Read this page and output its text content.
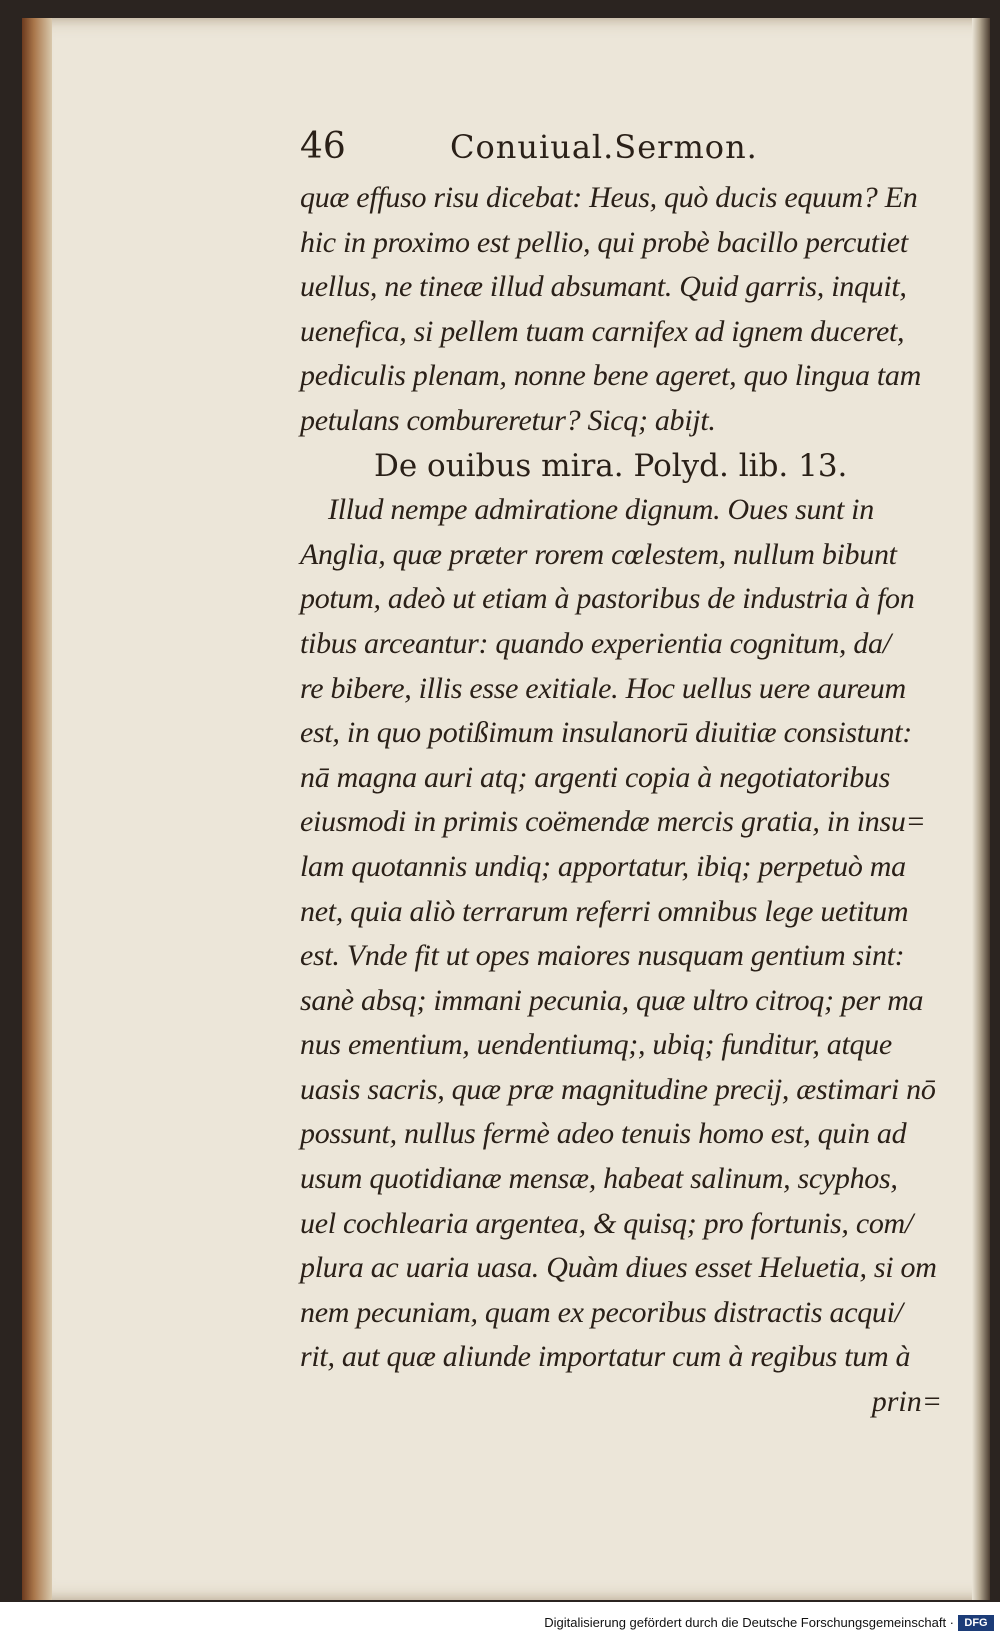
46	Conuiual.Sermon.
quæ effuso risu dicebat: Heus, quò ducis equum? En
hic in proximo est pellio, qui probè bacillo percutiet
uellus, ne tineæ illud absumant. Quid garris, inquit,
uenefica, si pellem tuam carnifex ad ignem duceret,
pediculis plenam, nonne bene ageret, quo lingua tam
petulans combureretur? Sicq; abijt.
De ouibus mira. Polyd. lib. 13.
Illud nempe admiratione dignum. Oues sunt in
Anglia, quæ præter rorem cœlestem, nullum bibunt
potum, adeò ut etiam à pastoribus de industria à fon
tibus arceantur: quando experientia cognitum, da/
re bibere, illis esse exitiale. Hoc uellus uere aureum
est, in quo potißimum insulanorū diuitiæ consistunt:
nā magna auri atq; argenti copia à negotiatoribus
eiusmodi in primis coëmendæ mercis gratia, in insu=
lam quotannis undiq; apportatur, ibiq; perpetuò ma
net, quia aliò terrarum referri omnibus lege uetitum
est. Vnde fit ut opes maiores nusquam gentium sint:
sanè absq; immani pecunia, quæ ultro citroq; per ma
nus ementium, uendentiumq;, ubiq; funditur, atque
uasis sacris, quæ præ magnitudine precij, æstimari nō
possunt, nullus fermè adeo tenuis homo est, quin ad
usum quotidianæ mensæ, habeat salinum, scyphos,
uel cochlearia argentea, & quisq; pro fortunis, com/
plura ac uaria uasa. Quàm diues esset Heluetia, si om
nem pecuniam, quam ex pecoribus distractis acqui/
rit, aut quæ aliunde importatur cum à regibus tum à
prin=
Digitalisierung gefördert durch die Deutsche Forschungsgemeinschaft · DFG
